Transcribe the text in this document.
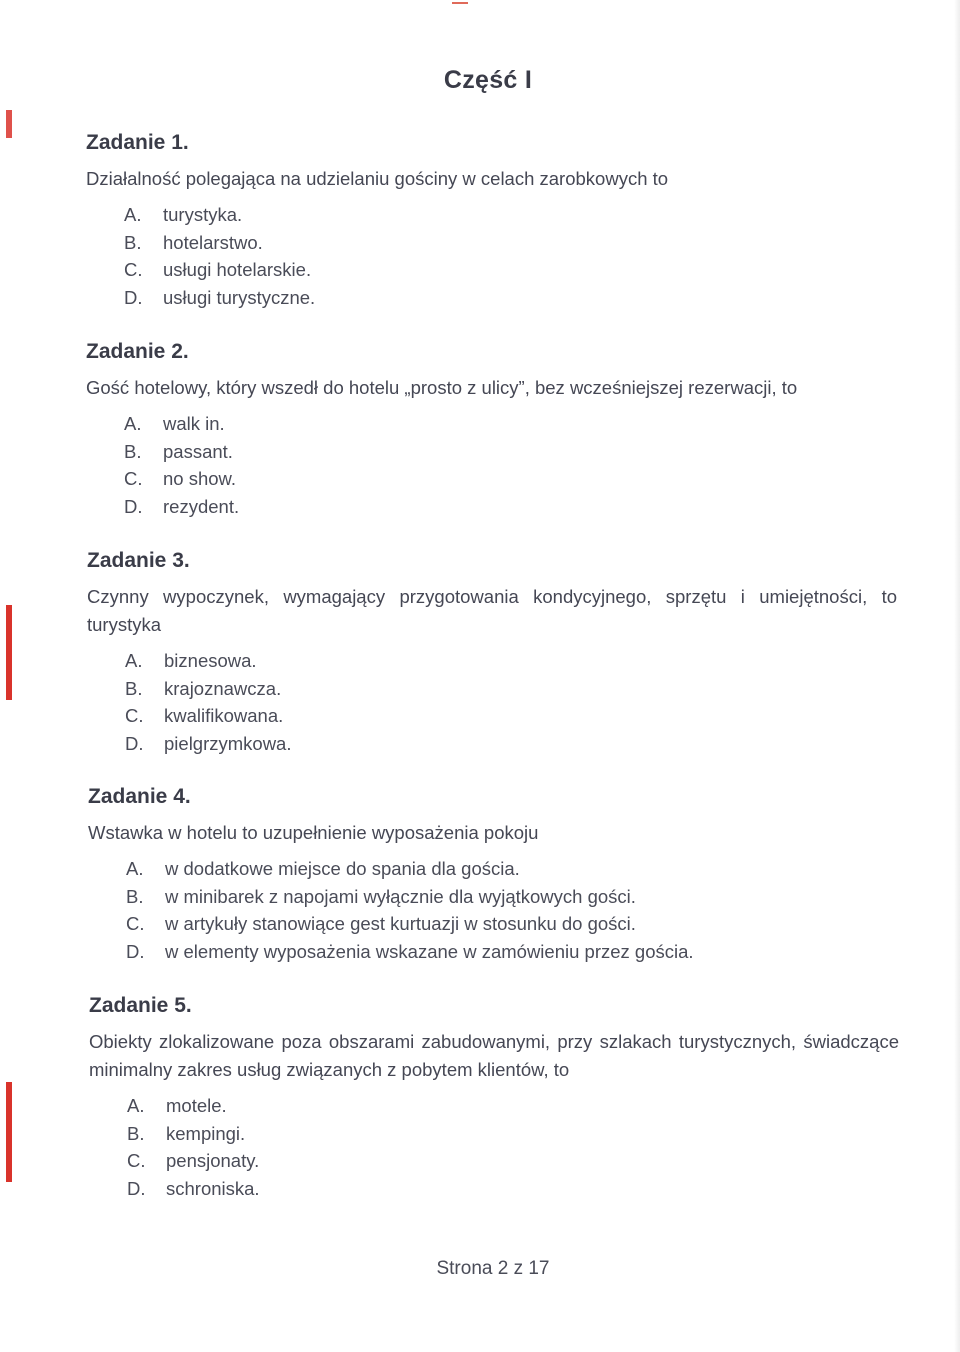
Część I
Zadanie 1.
Działalność polegająca na udzielaniu gościny w celach zarobkowych to
A.	turystyka.
B.	hotelarstwo.
C.	usługi hotelarskie.
D.	usługi turystyczne.
Zadanie 2.
Gość hotelowy, który wszedł do hotelu „prosto z ulicy”, bez wcześniejszej rezerwacji, to
A.	walk in.
B.	passant.
C.	no show.
D.	rezydent.
Zadanie 3.
Czynny wypoczynek, wymagający przygotowania kondycyjnego, sprzętu i umiejętności, to turystyka
A.	biznesowa.
B.	krajoznawcza.
C.	kwalifikowana.
D.	pielgrzymkowa.
Zadanie 4.
Wstawka w hotelu to uzupełnienie wyposażenia pokoju
A.	w dodatkowe miejsce do spania dla gościa.
B.	w minibarek z napojami wyłącznie dla wyjątkowych gości.
C.	w artykuły stanowiące gest kurtuazji w stosunku do gości.
D.	w elementy wyposażenia wskazane w zamówieniu przez gościa.
Zadanie 5.
Obiekty zlokalizowane poza obszarami zabudowanymi, przy szlakach turystycznych, świadczące minimalny zakres usług związanych z pobytem klientów, to
A.	motele.
B.	kempingi.
C.	pensjonaty.
D.	schroniska.
Strona 2 z 17
